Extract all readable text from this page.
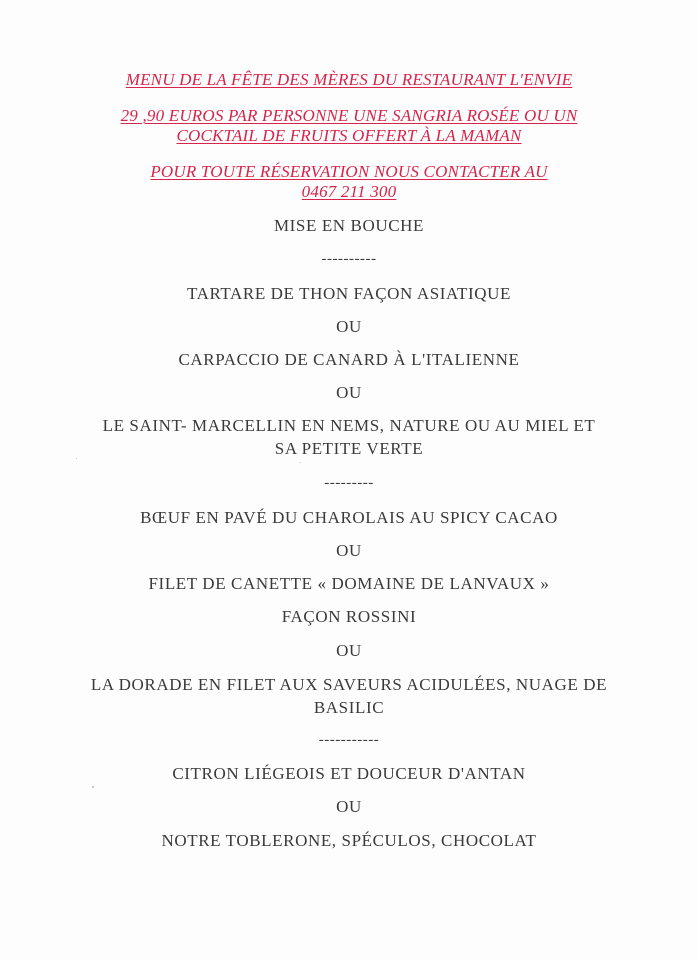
MENU DE LA FÊTE DES MÈRES DU RESTAURANT L'ENVIE
29 ,90 EUROS PAR PERSONNE UNE SANGRIA ROSÉE OU UN
COCKTAIL DE FRUITS OFFERT À LA MAMAN
POUR TOUTE RÉSERVATION NOUS CONTACTER AU
0467 211 300
MISE EN BOUCHE
----------
TARTARE DE THON FAÇON ASIATIQUE
OU
CARPACCIO DE CANARD À L'ITALIENNE
OU
LE SAINT- MARCELLIN EN NEMS, NATURE OU AU MIEL ET
SA PETITE VERTE
---------
BŒUF EN PAVÉ DU CHAROLAIS AU SPICY CACAO
OU
FILET DE CANETTE « DOMAINE DE LANVAUX »
FAÇON ROSSINI
OU
LA DORADE EN FILET AUX SAVEURS ACIDULÉES, NUAGE DE
BASILIC
-----------
CITRON LIÉGEOIS ET DOUCEUR D'ANTAN
OU
NOTRE TOBLERONE, SPÉCULOS, CHOCOLAT
